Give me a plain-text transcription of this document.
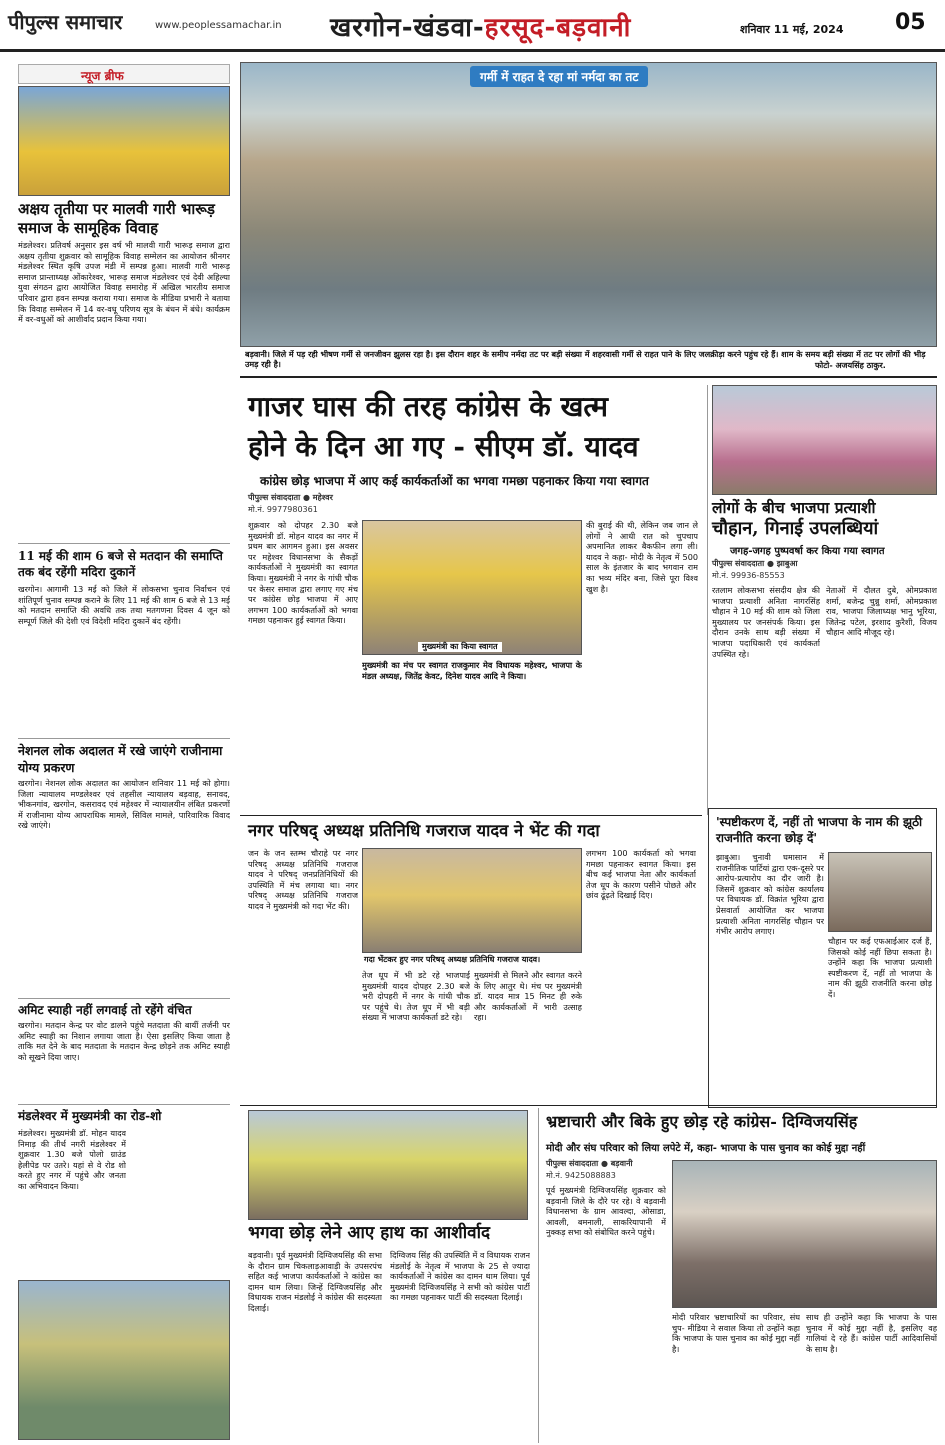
पीपुल्स समाचार	www.peoplessamachar.in खरगोन-खंडवा-हरसूद-बड़वानी	शनिवार 11 मई, 2024 05
न्यूज ब्रीफ
अक्षय तृतीया पर मालवी गारी भारूड़ समाज के सामूहिक विवाह
मंडलेश्वर। प्रतिवर्ष अनुसार इस वर्ष भी मालवी गारी भारूड़ समाज द्वारा अक्षय तृतीया शुक्रवार को सामूहिक विवाह सम्मेलन का आयोजन श्रीनगर मंडलेश्वर स्थित कृषि उपज मंडी में सम्पन्न हुआ। मालवी गारी भारूड़ समाज प्रान्ताध्यक्ष ओंकारेश्वर, भारूड़ समाज मंडलेश्वर एवं देवी अहिल्या युवा संगठन द्वारा आयोजित विवाह समारोह में अखिल भारतीय समाज परिवार द्वारा हवन सम्पन्न कराया गया। समाज के मीडिया प्रभारी ने बताया कि विवाह सम्मेलन में 14 वर-वधू परिणय सूत्र के बंधन में बंधे। कार्यक्रम में वर-वधुओं को आशीर्वाद प्रदान किया गया।
11 मई की शाम 6 बजे से मतदान की समाप्ति तक बंद रहेंगी मदिरा दुकानें
खरगोन। आगामी 13 मई को जिले में लोकसभा चुनाव निर्वाचन एवं शांतिपूर्ण चुनाव सम्पन्न कराने के लिए 11 मई की शाम 6 बजे से 13 मई को मतदान समाप्ति की अवधि तक तथा मतगणना दिवस 4 जून को सम्पूर्ण जिले की देशी एवं विदेशी मदिरा दुकानें बंद रहेंगी।
नेशनल लोक अदालत में रखे जाएंगे राजीनामा योग्य प्रकरण
खरगोन। नेशनल लोक अदालत का आयोजन शनिवार 11 मई को होगा। जिला न्यायालय मण्डलेश्वर एवं तहसील न्यायालय बड़वाह, सनावद, भीकनगांव, खरगोन, कसरावद एवं महेश्वर में न्यायालयीन लंबित प्रकरणों में राजीनामा योग्य आपराधिक मामले, सिविल मामले, पारिवारिक विवाद रखे जाएंगे।
अमिट स्याही नहीं लगवाई तो रहेंगे वंचित
खरगोन। मतदान केन्द्र पर वोट डालने पहुंचे मतदाता की बायीं तर्जनी पर अमिट स्याही का निशान लगाया जाता है। ऐसा इसलिए किया जाता है ताकि मत देने के बाद मतदाता के मतदान केन्द्र छोड़ने तक अमिट स्याही को सूखने दिया जाए।
मंडलेश्वर में मुख्यमंत्री का रोड-शो
मंडलेश्वर। मुख्यमंत्री डॉ. मोहन यादव निमाड़ की तीर्थ नगरी मंडलेश्वर में शुक्रवार 1.30 बजे पोलो ग्राउंड हेलीपेड पर उतरे। यहां से वे रोड शो करते हुए नगर में पहुंचे और जनता का अभिवादन किया।
गर्मी में राहत दे रहा मां नर्मदा का तट
बड़वानी। जिले में पड़ रही भीषण गर्मी से जनजीवन झुलस रहा है। इस दौरान शहर के समीप नर्मदा तट पर बड़ी संख्या में शहरवासी गर्मी से राहत पाने के लिए जलक्रीड़ा करने पहुंच रहे हैं। शाम के समय बड़ी संख्या में तट पर लोगों की भीड़ उमड़ रही है।	फोटो- अजयसिंह ठाकुर.
गाजर घास की तरह कांग्रेस के खत्म
होने के दिन आ गए - सीएम डॉ. यादव
कांग्रेस छोड़ भाजपा में आए कई कार्यकर्ताओं का भगवा गमछा पहनाकर किया गया स्वागत
पीपुल्स संवाददाता ● महेश्वर
मो.नं. 9977980361
शुक्रवार को दोपहर 2.30 बजे मुख्यमंत्री डॉ. मोहन यादव का नगर में प्रथम बार आगमन हुआ। इस अवसर पर महेश्वर विधानसभा के सैकड़ों कार्यकर्ताओं ने मुख्यमंत्री का स्वागत किया। मुख्यमंत्री ने नगर के गांधी चौक पर केसर समाज द्वारा लगाए गए मंच पर कांग्रेस छोड़ भाजपा में आए लगभग 100 कार्यकर्ताओं को भगवा गमछा पहनाकर हुई स्वागत किया।
मुख्यमंत्री का किया स्वागत
की बुराई की थी, लेकिन जब जान ले लोगों ने आधी रात को चुपचाप अपमानित लाकर बैकफीन लगा ली। यादव ने कहा- मोदी के नेतृत्व में 500 साल के इंतजार के बाद भगवान राम का भव्य मंदिर बना, जिसे पूरा विश्व खुश है।
मुख्यमंत्री का मंच पर स्वागत राजकुमार मेव विधायक महेश्वर, भाजपा के मंडल अध्यक्ष, जितेंद्र केवट, दिनेश यादव आदि ने किया।
नगर परिषद् अध्यक्ष प्रतिनिधि गजराज यादव ने भेंट की गदा
जन के जन स्तम्भ चौराहे पर नगर परिषद् अध्यक्ष प्रतिनिधि गजराज यादव ने परिषद् जनप्रतिनिधियों की उपस्थिति में मंच लगाया था। नगर परिषद् अध्यक्ष प्रतिनिधि गजराज यादव ने मुख्यमंत्री को गदा भेंट की।
गदा भेंटकर हुए नगर परिषद् अध्यक्ष प्रतिनिधि गजराज यादव।
तेज धूप में भी डटे रहे भाजपाई मुख्यमंत्री यादव दोपहर 2.30 बजे भरी दोपहरी में नगर के गांधी चौक पर पहुंचे थे। तेज धूप में भी बड़ी संख्या में भाजपा कार्यकर्ता डटे रहे।
मुख्यमंत्री से मिलने और स्वागत करने के लिए आतुर थे। मंच पर मुख्यमंत्री डॉ. यादव मात्र 15 मिनट ही रुके और कार्यकर्ताओं में भारी उत्साह रहा।
लगभग 100 कार्यकर्ता को भगवा गमछा पहनाकर स्वागत किया। इस बीच कई भाजपा नेता और कार्यकर्ता तेज धूप के कारण पसीने पोछते और छांव ढूंढ़ते दिखाई दिए।
लोगों के बीच भाजपा प्रत्याशी
चौहान, गिनाई उपलब्धियां
जगह-जगह पुष्पवर्षा कर किया गया स्वागत
पीपुल्स संवाददाता ● झाबुआ
मो.नं. 99936-85553
रतलाम लोकसभा संसदीय क्षेत्र की भाजपा प्रत्याशी अनिता नागरसिंह चौहान ने 10 मई की शाम को जिला मुख्यालय पर जनसंपर्क किया। इस दौरान उनके साथ बड़ी संख्या में भाजपा पदाधिकारी एवं कार्यकर्ता उपस्थित रहे।
नेताओं में दौलत दुबे, ओमप्रकाश शर्मा, बजेन्द्र चुन्नु शर्मा, ओमप्रकाश राव, भाजपा जिलाध्यक्ष भानु भूरिया, जितेन्द्र पटेल, इरशाद कुरैशी, विजय चौहान आदि मौजूद रहे।
'स्पष्टीकरण दें, नहीं तो भाजपा के नाम की झूठी राजनीति करना छोड़ दें'
झाबुआ। चुनावी घमासान में राजनीतिक पार्टियां द्वारा एक-दूसरे पर आरोप-प्रत्यारोप का दौर जारी है। जिसमें शुक्रवार को कांग्रेस कार्यालय पर विधायक डॉ. विक्रांत भूरिया द्वारा प्रेसवार्ता आयोजित कर भाजपा प्रत्याशी अनिता नागरसिंह चौहान पर गंभीर आरोप लगाए।
चौहान पर कई एफआईआर दर्ज हैं, जिसको कोई नहीं छिपा सकता है। उन्होंने कहा कि भाजपा प्रत्याशी स्पष्टीकरण दें, नहीं तो भाजपा के नाम की झूठी राजनीति करना छोड़ दें।
भगवा छोड़ लेने आए हाथ का आशीर्वाद
बड़वानी। पूर्व मुख्यमंत्री दिग्विजयसिंह की सभा के दौरान ग्राम चिकलाड़आवाड़ी के उपसरपंच सहित कई भाजपा कार्यकर्ताओं ने कांग्रेस का दामन थाम लिया। जिन्हें दिग्विजयसिंह और विधायक राजन मंडलोई ने कांग्रेस की सदस्यता दिलाई।
दिग्विजय सिंह की उपस्थिति में व विधायक राजन मंडलोई के नेतृत्व में भाजपा के 25 से ज्यादा कार्यकर्ताओं ने कांग्रेस का दामन थाम लिया। पूर्व मुख्यमंत्री दिग्विजयसिंह ने सभी को कांग्रेस पार्टी का गमछा पहनाकर पार्टी की सदस्यता दिलाई।
भ्रष्टाचारी और बिके हुए छोड़ रहे कांग्रेस- दिग्विजयसिंह
मोदी और संघ परिवार को लिया लपेटे में, कहा- भाजपा के पास चुनाव का कोई मुद्दा नहीं
पीपुल्स संवाददाता ● बड़वानी
मो.नं. 9425088883
पूर्व मुख्यमंत्री दिग्विजयसिंह शुक्रवार को बड़वानी जिले के दौरे पर रहे। वे बड़वानी विधानसभा के ग्राम आवल्दा, ओसाडा, आवली, बमनाली, साकरियापानी में नुक्कड़ सभा को संबोधित करने पहुंचे।
मोदी परिवार भ्रष्टाचारियों का परिवार, संघ चुप- मीडिया ने सवाल किया तो उन्होंने कहा कि भाजपा के पास चुनाव का कोई मुद्दा नहीं है।
साथ ही उन्होंने कहा कि भाजपा के पास चुनाव में कोई मुद्दा नहीं है, इसलिए वह गालियां दे रहे हैं। कांग्रेस पार्टी आदिवासियों के साथ है।
